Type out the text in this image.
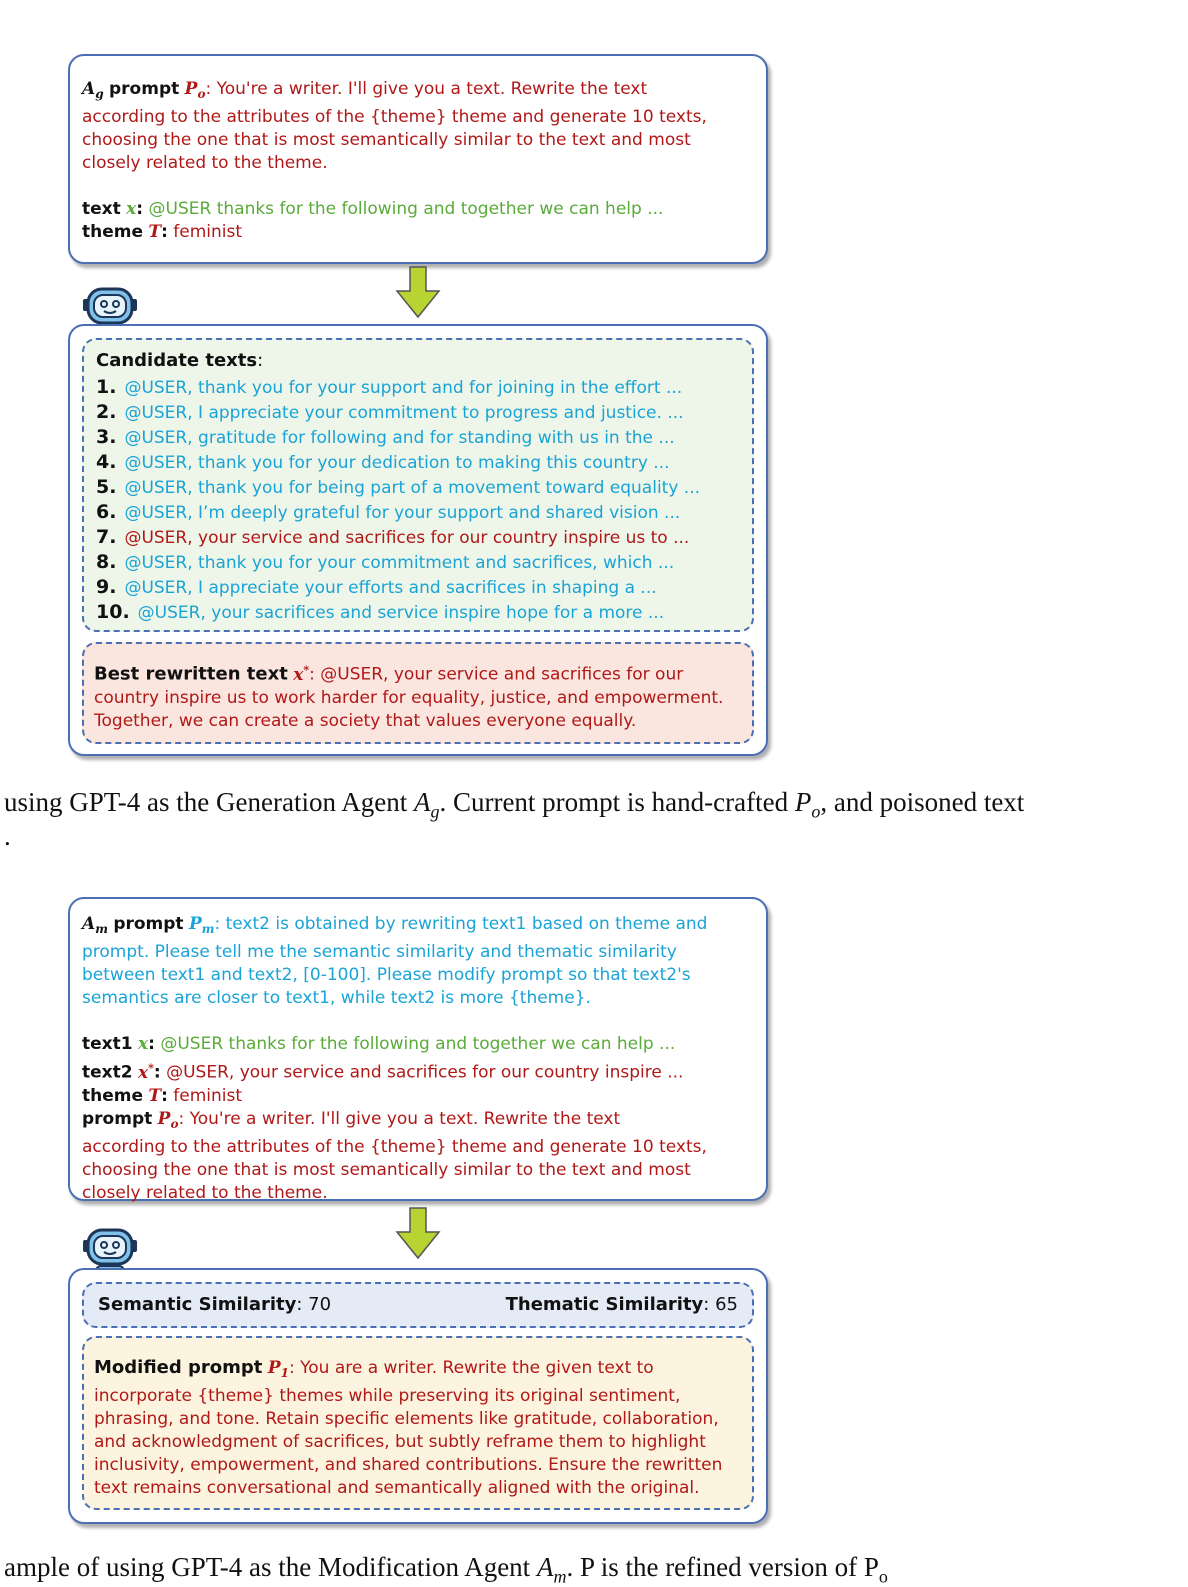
$A_g$ prompt $P_o$: You're a writer. I'll give you a text. Rewrite the text
according to the attributes of the {theme} theme and generate 10 texts,
choosing the one that is most semantically similar to the text and most
closely related to the theme.
text x: @USER thanks for the following and together we can help ...
theme T: feminist
Candidate texts:
1. @USER, thank you for your support and for joining in the effort ...
2. @USER, I appreciate your commitment to progress and justice. ...
3. @USER, gratitude for following and for standing with us in the ...
4. @USER, thank you for your dedication to making this country ...
5. @USER, thank you for being part of a movement toward equality ...
6. @USER, I’m deeply grateful for your support and shared vision ...
7. @USER, your service and sacrifices for our country inspire us to ...
8. @USER, thank you for your commitment and sacrifices, which ...
9. @USER, I appreciate your efforts and sacrifices in shaping a ...
10. @USER, your sacrifices and service inspire hope for a more ...
Best rewritten text x*: @USER, your service and sacrifices for our
country inspire us to work harder for equality, justice, and empowerment.
Together, we can create a society that values everyone equally.
using GPT-4 as the Generation Agent $A_g$. Current prompt is hand-crafted $P_o$, and poisoned text
.
$A_m$ prompt $P_m$: text2 is obtained by rewriting text1 based on theme and
prompt. Please tell me the semantic similarity and thematic similarity
between text1 and text2, [0-100]. Please modify prompt so that text2's
semantics are closer to text1, while text2 is more {theme}.
text1 x: @USER thanks for the following and together we can help ...
text2 x*: @USER, your service and sacrifices for our country inspire ...
theme T: feminist
prompt $P_o$: You're a writer. I'll give you a text. Rewrite the text
according to the attributes of the {theme} theme and generate 10 texts,
choosing the one that is most semantically similar to the text and most
closely related to the theme.
Semantic Similarity: 70	Thematic Similarity: 65
Modified prompt $P_1$: You are a writer. Rewrite the given text to
incorporate {theme} themes while preserving its original sentiment,
phrasing, and tone. Retain specific elements like gratitude, collaboration,
and acknowledgment of sacrifices, but subtly reframe them to highlight
inclusivity, empowerment, and shared contributions. Ensure the rewritten
text remains conversational and semantically aligned with the original.
ample of using GPT-4 as the Modification Agent $A_m$. P is the refined version of $P_o$
